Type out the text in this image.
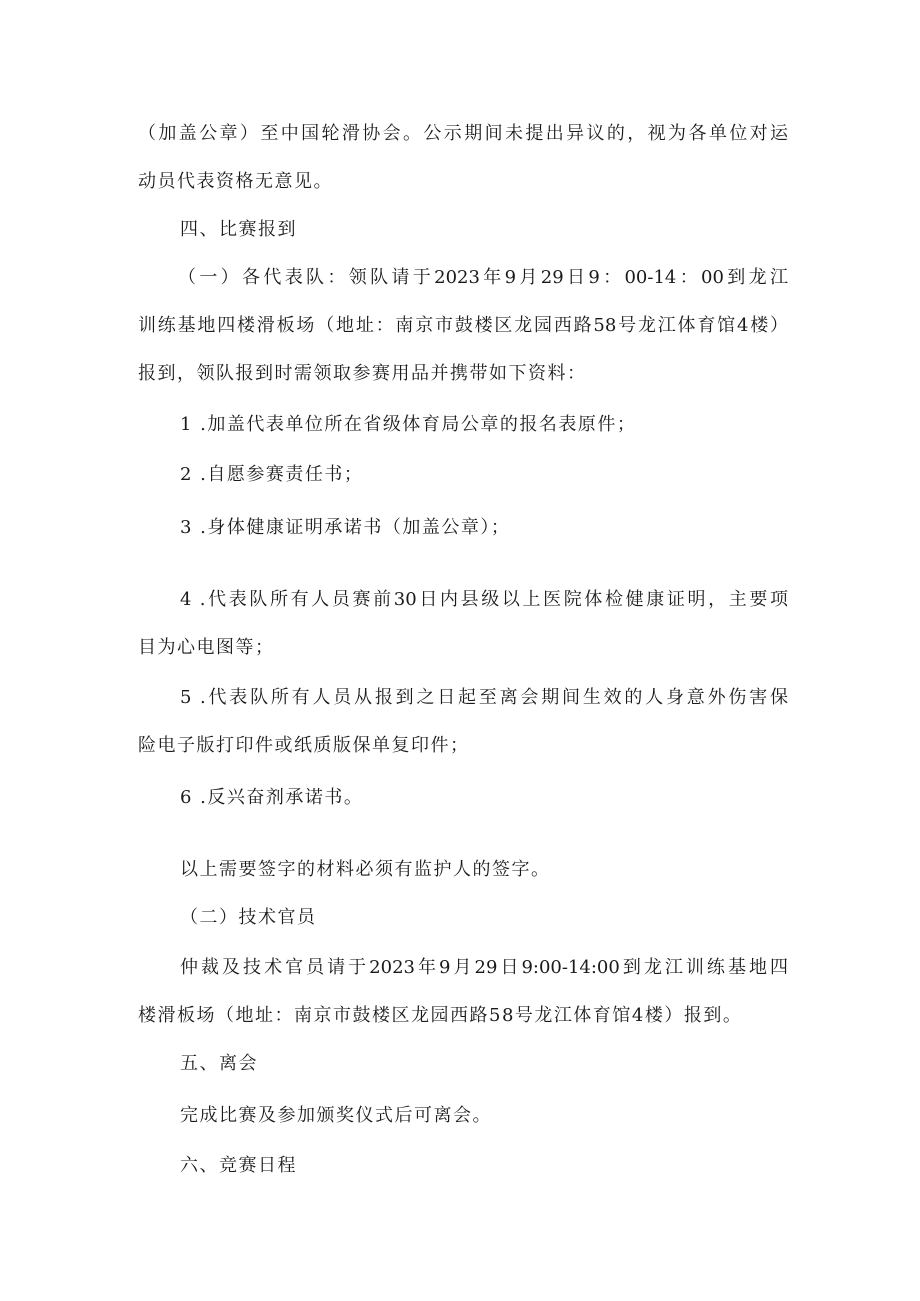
（加盖公章）至中国轮滑协会。公示期间未提出异议的，视为各单位对运
动员代表资格无意见。
四、比赛报到
（一）各代表队：领队请于2023年9月29日9：00-14：00到龙江
训练基地四楼滑板场（地址：南京市鼓楼区龙园西路58号龙江体育馆4楼）
报到，领队报到时需领取参赛用品并携带如下资料：
1 .加盖代表单位所在省级体育局公章的报名表原件；
2 .自愿参赛责任书；
3 .身体健康证明承诺书（加盖公章）；
4 .代表队所有人员赛前30日内县级以上医院体检健康证明，主要项
目为心电图等；
5 .代表队所有人员从报到之日起至离会期间生效的人身意外伤害保
险电子版打印件或纸质版保单复印件；
6 .反兴奋剂承诺书。
以上需要签字的材料必须有监护人的签字。
（二）技术官员
仲裁及技术官员请于2023年9月29日9:00-14:00到龙江训练基地四
楼滑板场（地址：南京市鼓楼区龙园西路58号龙江体育馆4楼）报到。
五、离会
完成比赛及参加颁奖仪式后可离会。
六、竞赛日程
